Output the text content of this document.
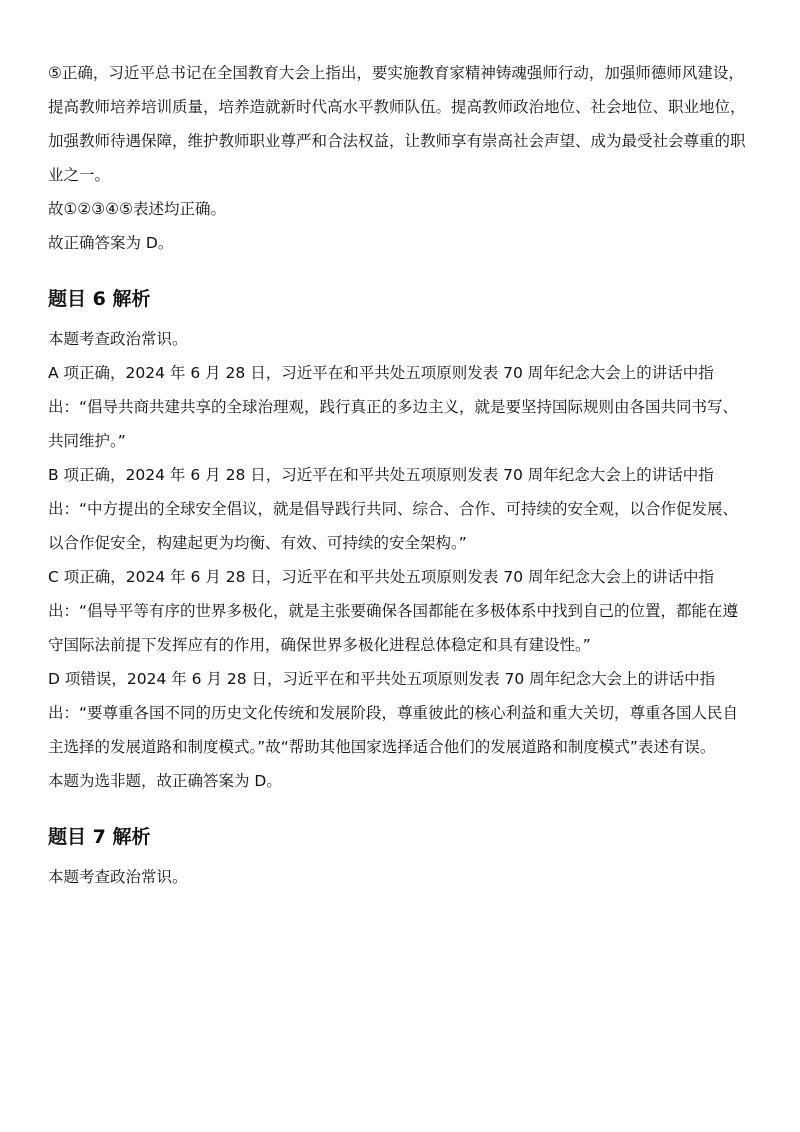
⑤正确，习近平总书记在全国教育大会上指出，要实施教育家精神铸魂强师行动，加强师德师风建设，提高教师培养培训质量，培养造就新时代高水平教师队伍。提高教师政治地位、社会地位、职业地位，加强教师待遇保障，维护教师职业尊严和合法权益，让教师享有崇高社会声望、成为最受社会尊重的职业之一。

故①②③④⑤表述均正确。

故正确答案为 D。

题目 6 解析

本题考查政治常识。

A 项正确，2024 年 6 月 28 日，习近平在和平共处五项原则发表 70 周年纪念大会上的讲话中指出：“倡导共商共建共享的全球治理观，践行真正的多边主义，就是要坚持国际规则由各国共同书写、共同维护。”

B 项正确，2024 年 6 月 28 日，习近平在和平共处五项原则发表 70 周年纪念大会上的讲话中指出：“中方提出的全球安全倡议，就是倡导践行共同、综合、合作、可持续的安全观，以合作促发展、以合作促安全，构建起更为均衡、有效、可持续的安全架构。”

C 项正确，2024 年 6 月 28 日，习近平在和平共处五项原则发表 70 周年纪念大会上的讲话中指出：“倡导平等有序的世界多极化，就是主张要确保各国都能在多极体系中找到自己的位置，都能在遵守国际法前提下发挥应有的作用，确保世界多极化进程总体稳定和具有建设性。”

D 项错误，2024 年 6 月 28 日，习近平在和平共处五项原则发表 70 周年纪念大会上的讲话中指出：“要尊重各国不同的历史文化传统和发展阶段，尊重彼此的核心利益和重大关切，尊重各国人民自主选择的发展道路和制度模式。”故“帮助其他国家选择适合他们的发展道路和制度模式”表述有误。

本题为选非题，故正确答案为 D。

题目 7 解析

本题考查政治常识。
